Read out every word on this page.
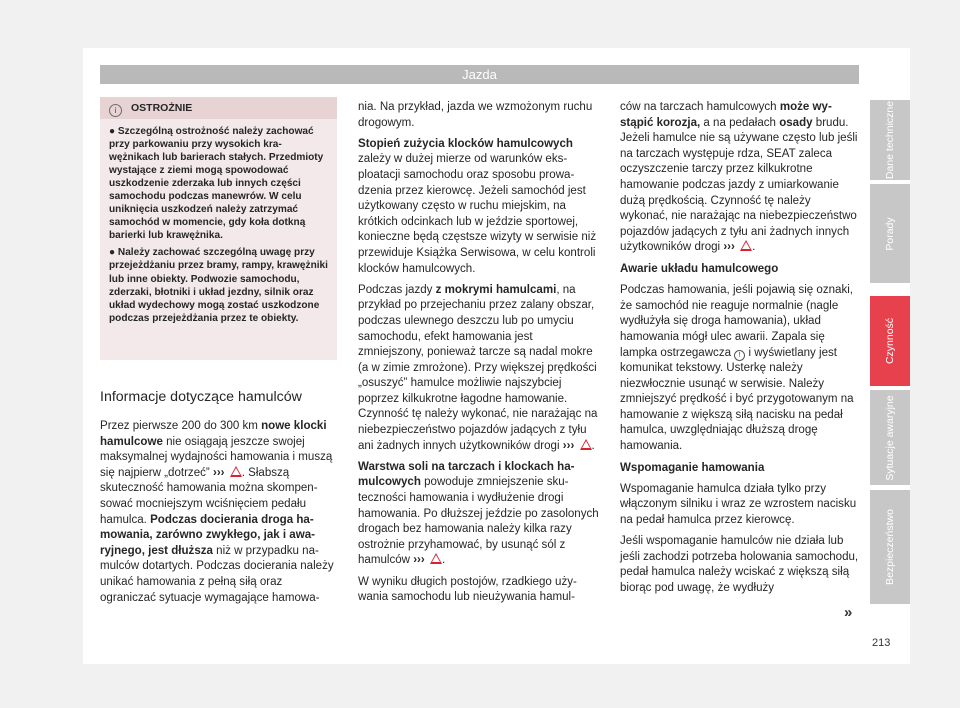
Jazda
i OSTROŻNIE

● Szczególną ostrożność należy zachować przy parkowaniu przy wysokich krawężnikach lub barierach stałych. Przedmioty wystające z ziemi mogą spowodować uszkodzenie zderzaka lub innych części samochodu podczas manewrów. W celu uniknięcia uszkodzeń należy zatrzymać samochód w momencie, gdy koła dotkną barierki lub krawężnika.

● Należy zachować szczególną uwagę przy przejeżdżaniu przez bramy, rampy, krawężniki lub inne obiekty. Podwozie samochodu, zderzaki, błotniki i układ jezdny, silnik oraz układ wydechowy mogą zostać uszkodzone podczas przejeżdżania przez te obiekty.

Informacje dotyczące hamulców

Przez pierwsze 200 do 300 km nowe klocki hamulcowe nie osiągają jeszcze swojej maksymalnej wydajności hamowania i muszą się najpierw „dotrzeć” ››› . Słabszą skuteczność hamowania można skompensować mocniejszym wciśnięciem pedału hamulca. Podczas docierania droga hamowania, zarówno zwykłego, jak i awaryjnego, jest dłuższa niż w przypadku namulców dotartych. Podczas docierania należy unikać hamowania z pełną siłą oraz ograniczać sytuacje wymagające hamowa-

nia. Na przykład, jazda we wzmożonym ruchu drogowym.

Stopień zużycia klocków hamulcowych zależy w dużej mierze od warunków eksploatacji samochodu oraz sposobu prowadzenia przez kierowcę. Jeżeli samochód jest użytkowany często w ruchu miejskim, na krótkich odcinkach lub w jeździe sportowej, konieczne będą częstsze wizyty w serwisie niż przewiduje Książka Serwisowa, w celu kontroli klocków hamulcowych.

Podczas jazdy z mokrymi hamulcami, na przykład po przejechaniu przez zalany obszar, podczas ulewnego deszczu lub po umyciu samochodu, efekt hamowania jest zmniejszony, ponieważ tarcze są nadal mokre (a w zimie zmrożone). Przy większej prędkości „osuszyć” hamulce możliwie najszybciej poprzez kilkukrotne łagodne hamowanie. Czynność tę należy wykonać, nie narażając na niebezpieczeństwo pojazdów jadących z tyłu ani żadnych innych użytkowników drogi ››› .

Warstwa soli na tarczach i klockach hamulcowych powoduje zmniejszenie skuteczności hamowania i wydłużenie drogi hamowania. Po dłuższej jeździe po zasolonych drogach bez hamowania należy kilka razy ostrożnie przyhamować, by usunąć sól z hamulców ››› .

W wyniku długich postojów, rzadkiego używania samochodu lub nieużywania hamul-

ców na tarczach hamulcowych może wystąpić korozja, a na pedałach osady brudu. Jeżeli hamulce nie są używane często lub jeśli na tarczach występuje rdza, SEAT zaleca oczyszczenie tarczy przez kilkukrotne hamowanie podczas jazdy z umiarkowanie dużą prędkością. Czynność tę należy wykonać, nie narażając na niebezpieczeństwo pojazdów jadących z tyłu ani żadnych innych użytkowników drogi ››› .

Awarie układu hamulcowego

Podczas hamowania, jeśli pojawią się oznaki, że samochód nie reaguje normalnie (nagle wydłużyła się droga hamowania), układ hamowania mógł ulec awarii. Zapala się lampka ostrzegawcza ! i wyświetlany jest komunikat tekstowy. Usterkę należy niezwłocznie usunąć w serwisie. Należy zmniejszyć prędkość i być przygotowanym na hamowanie z większą siłą nacisku na pedał hamulca, uwzględniając dłuższą drogę hamowania.

Wspomaganie hamowania

Wspomaganie hamulca działa tylko przy włączonym silniku i wraz ze wzrostem nacisku na pedał hamulca przez kierowcę.

Jeśli wspomaganie hamulców nie działa lub jeśli zachodzi potrzeba holowania samochodu, pedał hamulca należy wciskać z większą siłą biorąc pod uwagę, że wydłuży

»
Dane techniczne
Porady
Czynność
Sytuacje awaryjne
Bezpieczeństwo
213
